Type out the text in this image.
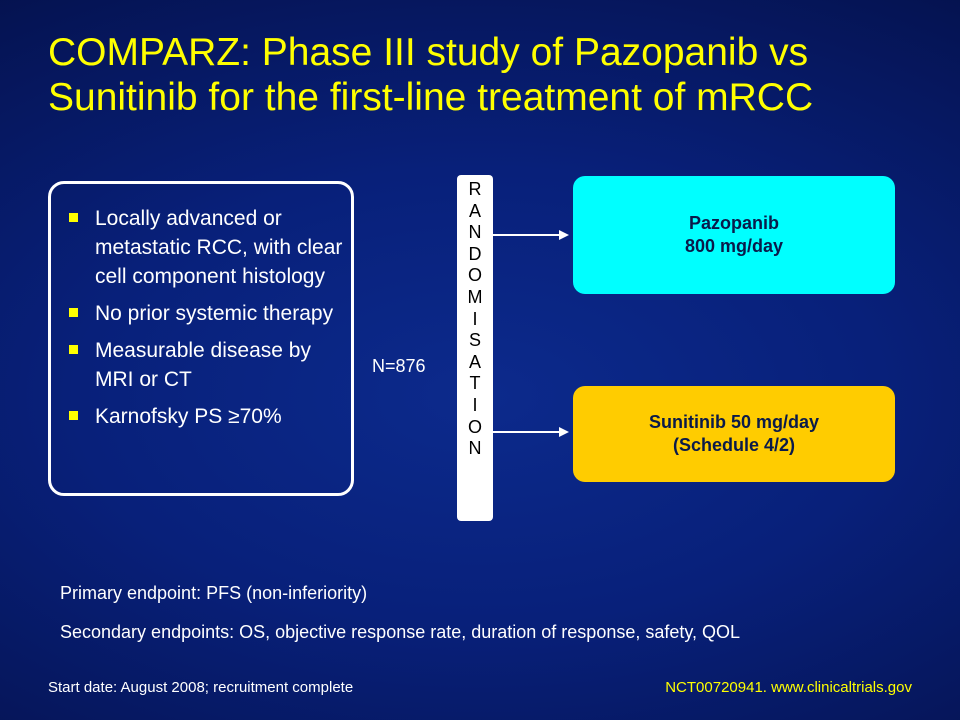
COMPARZ: Phase III study of Pazopanib vs
Sunitinib for the first-line treatment of mRCC
Locally advanced or metastatic RCC, with clear cell component histology
No prior systemic therapy
Measurable disease by MRI or CT
Karnofsky PS ≥70%
N=876
R
A
N
D
O
M
I
S
A
T
I
O
N
Pazopanib
800 mg/day
Sunitinib 50 mg/day
(Schedule 4/2)
Primary endpoint: PFS (non-inferiority)
Secondary endpoints: OS, objective response rate, duration of response, safety, QOL
Start date: August 2008; recruitment complete	NCT00720941. www.clinicaltrials.gov
